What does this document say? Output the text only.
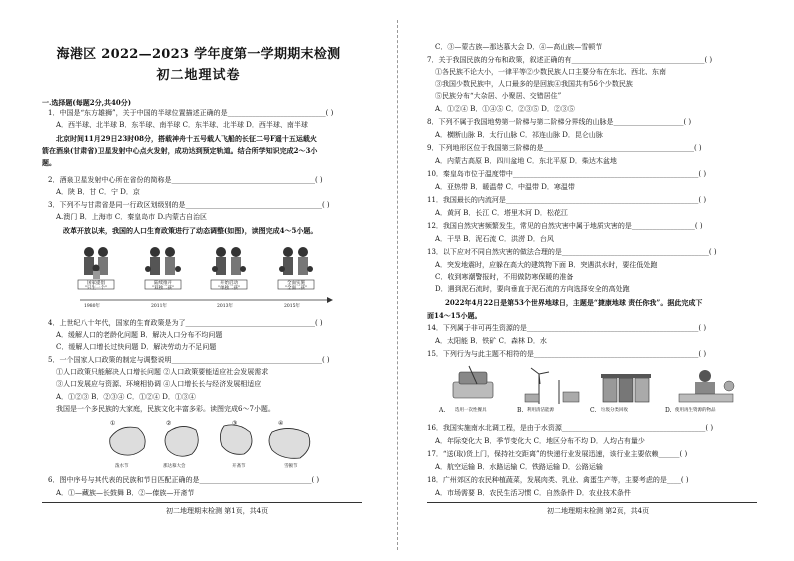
海港区 2022—2023 学年度第一学期期末检测
初二地理试卷
一.选择题(每题2分,共40分)
1．中国是“东方雄狮”，关于中国的半球位置描述正确的是____________________________( )
A．西半球、北半球 B．东半球、南半球 C．东半球、北半球 D．西半球、南半球
北京时间11月29日23时08分，搭载神舟十五号载人飞船的长征二号F遥十五运载火
箭在酒泉(甘肃省)卫星发射中心点火发射，成功达到预定轨道。结合所学知识完成2～3小
题。
2．酒泉卫星发射中心所在省份的简称是_________________________________________( )
A．陕 B．甘 C．宁 D．京
3．下列不与甘肃省是同一行政区划级别的是_______________________________________( )
A.澳门 B．上海市 C．秦皇岛市 D.内蒙古自治区
改革开放以来，我国的人口生育政策进行了动态调整(如图)，读图完成4～5小题。
国家提倡
"只生一个"
陆续推开
"双独二孩"
开始启动
"单独二孩"
全面实施
"全面二孩"
1980年	2011年	2013年	2015年
4．上世纪八十年代，国家的生育政策是为了_____________________________________( )
A．缓解人口的老龄化问题 B．解决人口分布不均问题
C．缓解人口增长过快问题 D．解决劳动力不足问题
5．一个国家人口政策的制定与调整说明___________________________________________( )
①人口政策只能解决人口增长问题 ②人口政策要能适应社会发展需求
③人口发展应与资源、环境相协调 ④人口增长长与经济发展相适应
A．①②③ B．②③④ C．①②④ D．①③④
我国是一个多民族的大家庭，民族文化丰富多彩。读图完成6～7小题。
①	②	③	④
泼水节	那达慕大会	开斋节	雪顿节
6．图中序号与其代表的民族和节日匹配正确的是________________________________( )
A．①—藏族—长鼓舞 B．②—傣族—开斋节
初二地理期末检测 第1页，共4页
C．③—蒙古族—那达慕大会 D．④—高山族—雪顿节
7．关于我国民族的分布和政策，叙述正确的有______________________________________( )
①各民族不论大小，一律平等②少数民族人口主要分布在东北、西北、东南
③我国少数民族中，人口最多的是回族④我国共有56个少数民族
⑤民族分布“大杂居、小聚居、交错居住”
A．①②④ B．①④⑤ C．②③⑤ D．②③⑤
8．下列不属于我国地势第一阶梯与第二阶梯分界线的山脉是____________________( )
A．横断山脉 B．太行山脉 C．祁连山脉 D．昆仑山脉
9．下列地形区位于我国第三阶梯的是___________________________________________( )
A．内蒙古高原 B．四川盆地 C．东北平原 D．柴达木盆地
10．秦皇岛市位于温度带中_____________________________________________________( )
A．亚热带 B．暖温带 C．中温带 D．寒温带
11．我国最长的内流河是_______________________________________________________( )
A．黄河 B．长江 C．塔里木河 D．松花江
12．我国自然灾害频繁发生，常见的自然灾害中属于地质灾害的是__________________( )
A．干旱 B．泥石流 C．洪涝 D．台风
13．以下应对不同自然灾害的做法合理的是__________________________________________( )
A．突发地震时，应躲在高大的建筑物下面 B．突遇洪水时，要往低处跑
C．收到寒潮警报时，不用做防寒保暖的准备
D．遇到泥石流时，要向垂直于泥石流的方向选择安全的高处跑
2022年4月22日是第53个世界地球日，主题是“捷康地球 责任你我”。据此完成下
面14～15小题。
14．下列属于非可再生资源的是_________________________________________________( )
A．太阳能 B．铁矿 C．森林 D．水
15．下列行为与此主题不相符的是_______________________________________________( )
A. 选用一次性餐具	B. 利用清洁能源	C. 垃圾分类回收	D. 使用再生资源的物品
16．我国实施南水北调工程，是由于水资源_________________________________________( )
A．年际变化大 B．季节变化大 C．地区分布不均 D．人均占有量少
17．“送(取)货上门，保持社交距离”的快递行业发展迅速，该行业主要依赖______( )
A．航空运输 B．水路运输 C．铁路运输 D．公路运输
18．广州郊区的农民种植蔬菜，发展肉类、乳业、禽蛋生产等，主要考虑的是____( )
A．市场需要 B．农民生活习惯 C．自然条件 D．农业技术条件
初二地理期末检测 第2页，共4页
